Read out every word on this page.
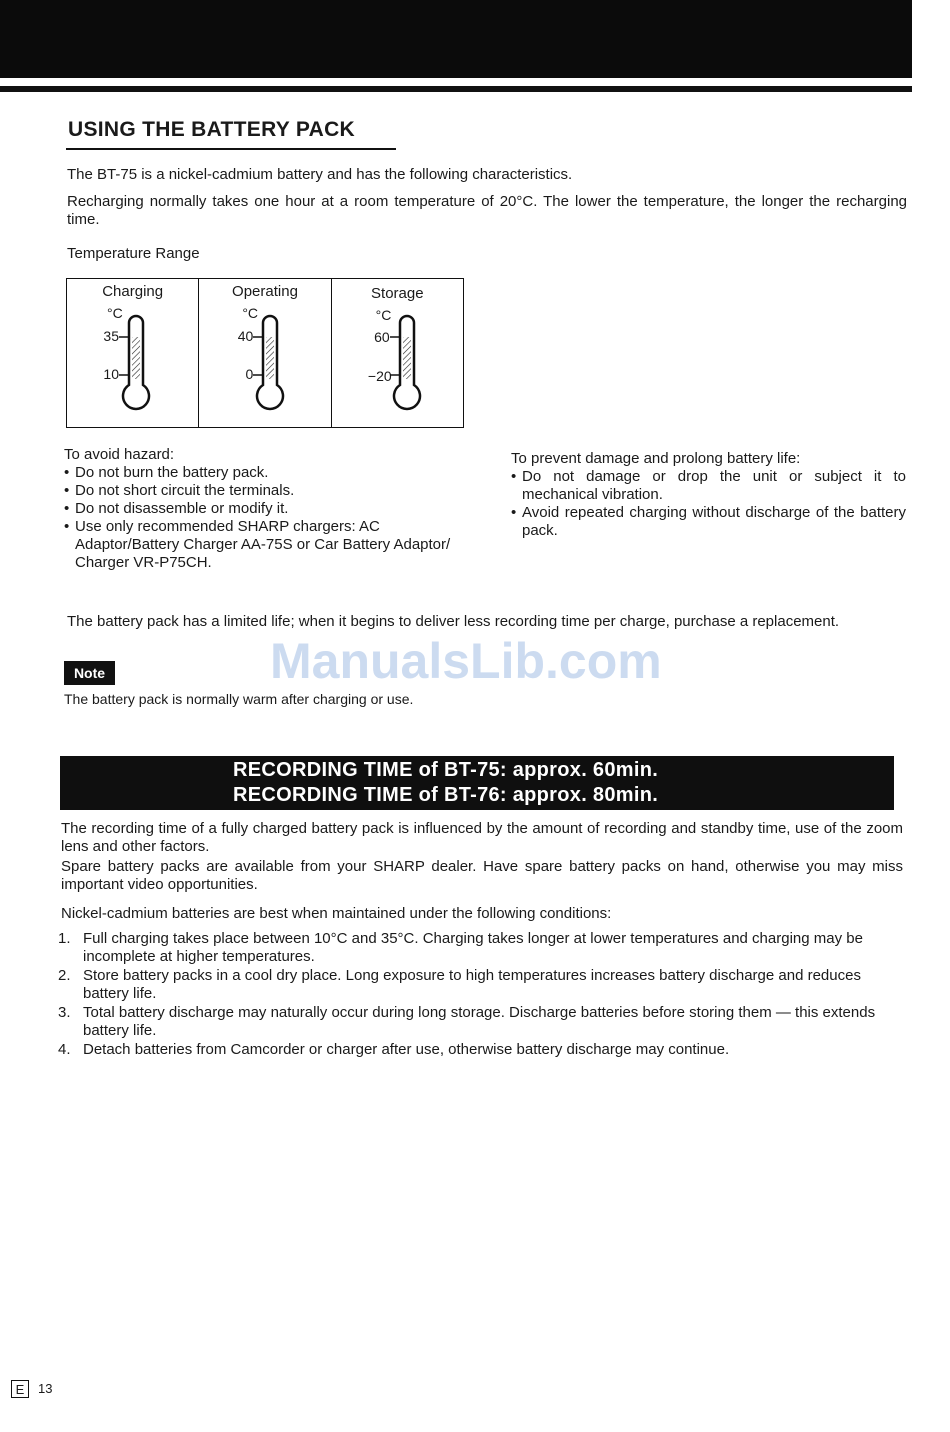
USING THE BATTERY PACK

The BT-75 is a nickel-cadmium battery and has the following characteristics.

Recharging normally takes one hour at a room temperature of 20°C. The lower the temperature, the longer the recharging time.

Temperature Range

Charging
°C
35
10
Operating
°C
40
0
Storage
°C
60
−20
To avoid hazard:
• Do not burn the battery pack.
• Do not short circuit the terminals.
• Do not disassemble or modify it.
• Use only recommended SHARP chargers: AC Adaptor/Battery Charger AA-75S or Car Battery Adaptor/ Charger VR-P75CH.
To prevent damage and prolong battery life:
• Do not damage or drop the unit or subject it to mechanical vibration.
• Avoid repeated charging without discharge of the battery pack.

The battery pack has a limited life; when it begins to deliver less recording time per charge, purchase a replacement.

ManualsLib.com
Note

The battery pack is normally warm after charging or use.

RECORDING TIME of BT-75: approx. 60min.
RECORDING TIME of BT-76: approx. 80min.

The recording time of a fully charged battery pack is influenced by the amount of recording and standby time, use of the zoom lens and other factors.

Spare battery packs are available from your SHARP dealer. Have spare battery packs on hand, otherwise you may miss important video opportunities.

Nickel-cadmium batteries are best when maintained under the following conditions:

1. Full charging takes place between 10°C and 35°C. Charging takes longer at lower temperatures and charging may be incomplete at higher temperatures.
2. Store battery packs in a cool dry place. Long exposure to high temperatures increases battery discharge and reduces battery life.
3. Total battery discharge may naturally occur during long storage. Discharge batteries before storing them — this extends battery life.
4. Detach batteries from Camcorder or charger after use, otherwise battery discharge may continue.
E	13
